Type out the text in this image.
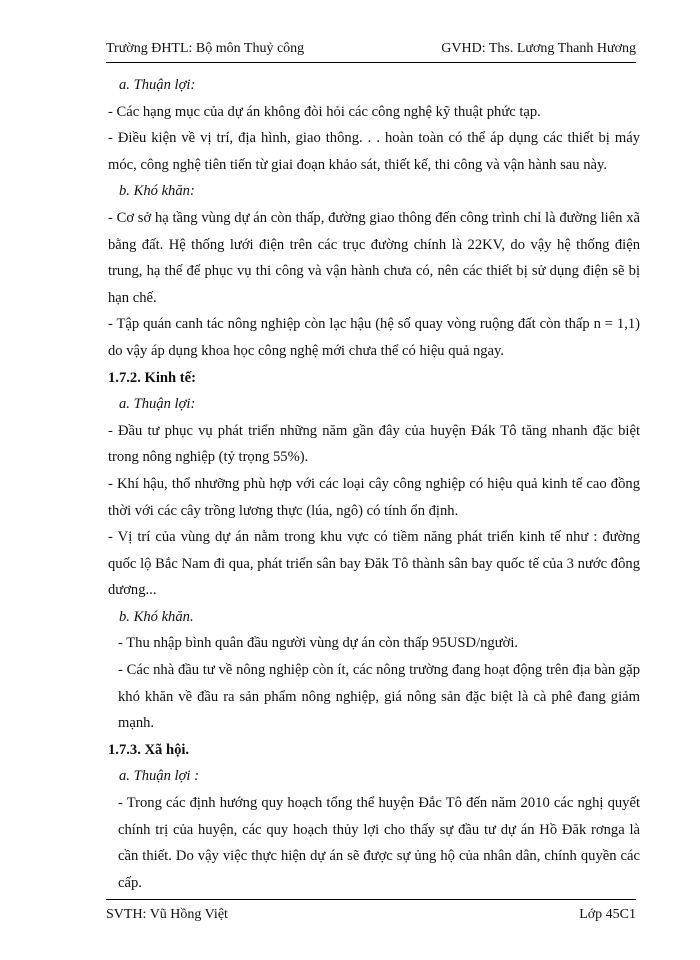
Trường ĐHTL: Bộ môn Thuỷ công	GVHD: Ths. Lương Thanh Hương

a. Thuận lợi:

- Các hạng mục của dự án không đòi hỏi các công nghệ kỹ thuật phức tạp.

- Điều kiện về vị trí, địa hình, giao thông. . . hoàn toàn có thể áp dụng các thiết bị máy móc, công nghệ tiên tiến từ giai đoạn khảo sát, thiết kế, thi công và vận hành sau này.

b. Khó khăn:

- Cơ sở hạ tầng vùng dự án còn thấp, đường giao thông đến công trình chỉ là đường liên xã bằng đất. Hệ thống lưới điện trên các trục đường chính là 22KV, do vậy hệ thống điện trung, hạ thế để phục vụ thi công và vận hành chưa có, nên các thiết bị sử dụng điện sẽ bị hạn chế.

- Tập quán canh tác nông nghiệp còn lạc hậu (hệ số quay vòng ruộng đất còn thấp n = 1,1) do vậy áp dụng khoa học công nghệ mới chưa thể có hiệu quả ngay.

1.7.2. Kinh tế:

a. Thuận lợi:

- Đầu tư phục vụ phát triển những năm gần đây của huyện Đák Tô tăng nhanh đặc biệt trong nông nghiệp (tỷ trọng 55%).

- Khí hậu, thổ nhưỡng phù hợp với các loại cây công nghiệp có hiệu quả kinh tế cao đồng thời với các cây trồng lương thực (lúa, ngô) có tính ổn định.

- Vị trí của vùng dự án nằm trong khu vực có tiềm năng phát triển kinh tế như : đường quốc lộ Bắc Nam đi qua, phát triển sân bay Đăk Tô thành sân bay quốc tế của 3 nước đông dương...

b. Khó khăn.

- Thu nhập bình quân đầu người vùng dự án còn thấp 95USD/người.

- Các nhà đầu tư về nông nghiệp còn ít, các nông trường đang hoạt động trên địa bàn gặp khó khăn về đầu ra sản phẩm nông nghiệp, giá nông sản đặc biệt là cà phê đang giảm mạnh.

1.7.3. Xã hội.

a. Thuận lợi :

- Trong các định hướng quy hoạch tổng thể huyện Đắc Tô đến năm 2010 các nghị quyết chính trị của huyện, các quy hoạch thủy lợi cho thấy sự đầu tư dự án Hồ Đăk rơnga là cần thiết. Do vậy việc thực hiện dự án sẽ được sự ủng hộ của nhân dân, chính quyền các cấp.

SVTH: Vũ Hồng Việt	Lớp 45C1
